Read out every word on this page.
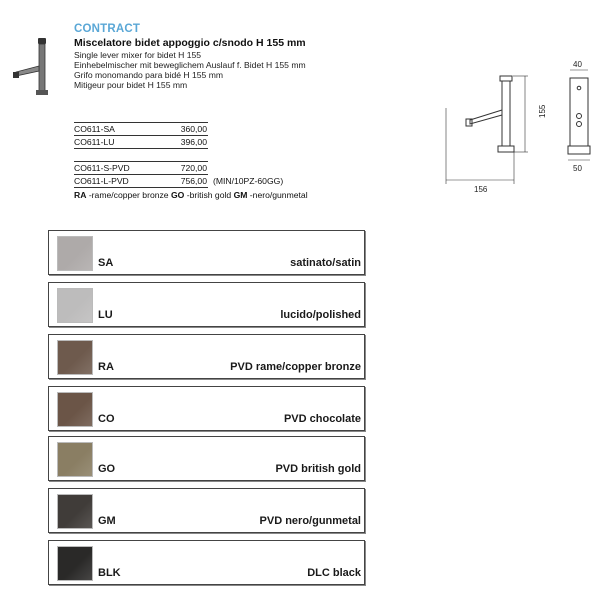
CONTRACT
Miscelatore bidet appoggio c/snodo H 155 mm
Single lever mixer for bidet H 155
Einhebelmischer mit beweglichem Auslauf f. Bidet H 155 mm
Grifo monomando para bidé H 155 mm
Mitigeur pour bidet H 155 mm
CO611-SA	360,00
CO611-LU	396,00
CO611-S-PVD	720,00
CO611-L-PVD	756,00 (MIN/10PZ-60GG)
RA -rame/copper bronze GO -british gold GM -nero/gunmetal
155
156
40
50
SA	satinato/satin
LU	lucido/polished
RA	PVD rame/copper bronze
CO	PVD chocolate
GO	PVD british gold
GM	PVD nero/gunmetal
BLK	DLC black
